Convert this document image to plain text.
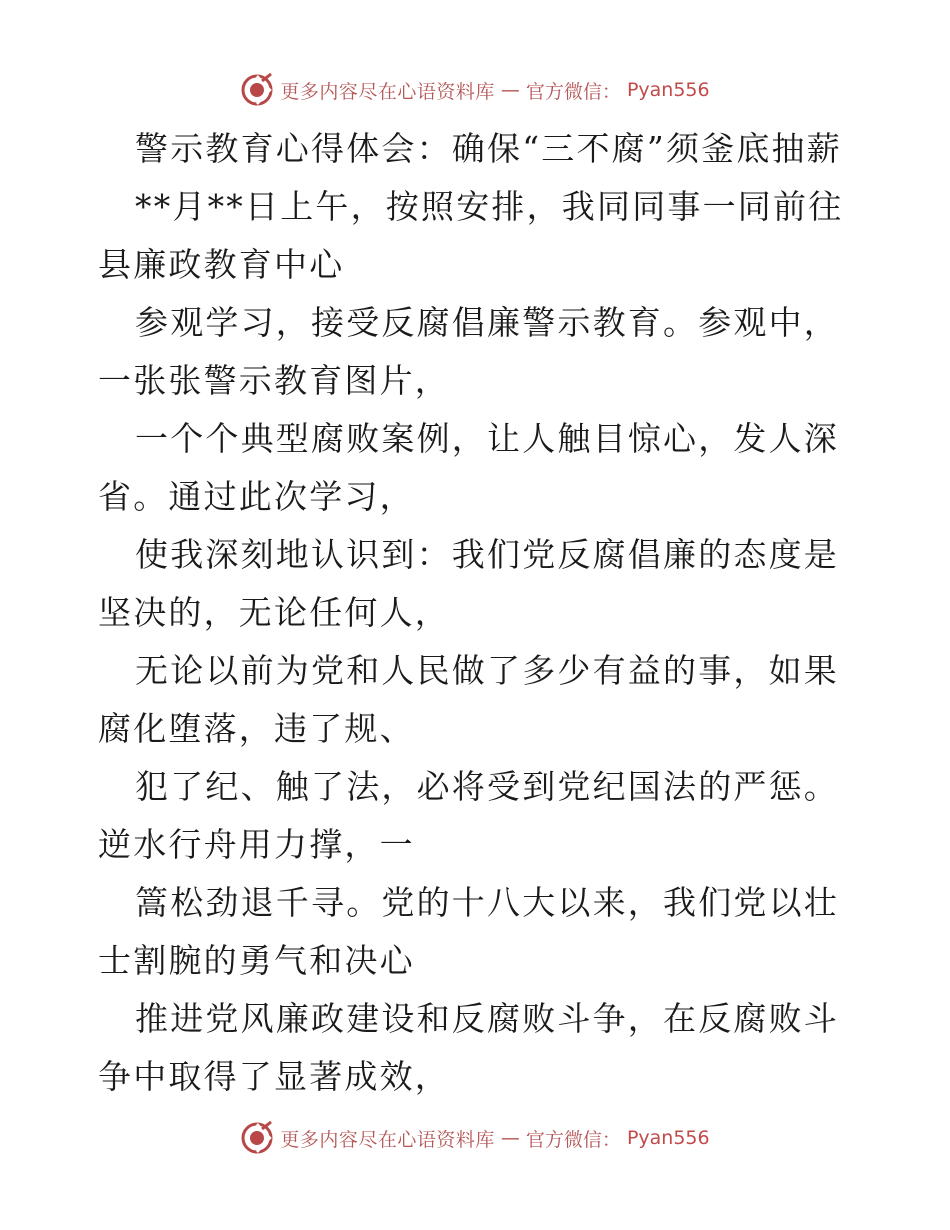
更多内容尽在心语资料库 — 官方微信： Pyan556

警示教育心得体会：确保“三不腐”须釜底抽薪

**月**日上午，按照安排，我同同事一同前往县廉政教育中心

参观学习，接受反腐倡廉警示教育。参观中，一张张警示教育图片，

一个个典型腐败案例，让人触目惊心，发人深省。通过此次学习，

使我深刻地认识到：我们党反腐倡廉的态度是坚决的，无论任何人，

无论以前为党和人民做了多少有益的事，如果腐化堕落，违了规、

犯了纪、触了法，必将受到党纪国法的严惩。逆水行舟用力撑，一

篙松劲退千寻。党的十八大以来，我们党以壮士割腕的勇气和决心

推进党风廉政建设和反腐败斗争，在反腐败斗争中取得了显著成效，

更多内容尽在心语资料库 — 官方微信： Pyan556
